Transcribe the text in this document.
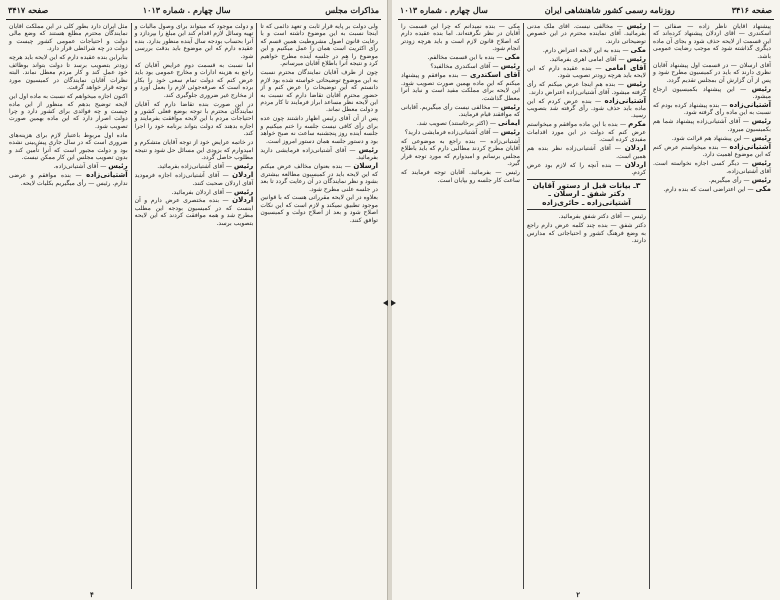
مذاکرات مجلس
سال چهارم . شماره ۱۰۱۳
صفحه ۳۴۱۷

ولی دولت بر پایه قرار ثابت و تعهد دائمی که تا اینجا نسبت به این موضوع داشته است و با رعایت قانون اصول مشروطیت همین قسم که رأی اکثریت است همان را عمل میکنیم و این موضوع را هم در جلسه آینده مطرح خواهیم کرد و نتیجه آنرا باطلاع آقایان میرسانم.

چون از طرف آقایان نمایندگان محترم نسبت به این موضوع توضیحاتی خواسته شده بود لازم دانستم که این توضیحات را عرض کنم و از حضور محترم آقایان تقاضا دارم که نسبت به این لایحه نظر مساعد ابراز فرمایند تا کار مردم و دولت معطل نماند.

پس از آن آقای رئیس اظهار داشتند چون عده برای رأی کافی نیست جلسه را ختم میکنیم و جلسه آینده روز پنجشنبه ساعت نه صبح خواهد بود و دستور جلسه همان دستور امروز است.

رئیس — آقای آشتیانی‌زاده فرمایشی دارید بفرمائید.

ارسلان — بنده بعنوان مخالف عرض میکنم که این لایحه باید در کمیسیون مطالعه بیشتری بشود و نظر نمایندگان در آن رعایت گردد تا بعد در جلسه علنی مطرح شود.

بعلاوه در این لایحه مقرراتی هست که با قوانین موجود تطبیق نمیکند و لازم است که این نکات اصلاح شود و بعد از اصلاح دولت و کمیسیون توافق کنند.

و دولت موجود که میتواند برای وصول مالیات و تهیه وسائل لازم اقدام کند این مبلغ را بپردازد و آنرا بحساب بودجه سال آینده منظور بدارد. بنده عقیده دارم که این موضوع باید بدقت بررسی شود.

اما نسبت به قسمت دوم عرایض آقایان که راجع به هزینه ادارات و مخارج عمومی بود باید عرض کنم که دولت تمام سعی خود را بکار برده است که صرفه‌جوئی لازم را بعمل آورد و از مخارج غیر ضروری جلوگیری کند.

در این صورت بنده تقاضا دارم که آقایان نمایندگان محترم با توجه بوضع فعلی کشور و احتیاجات مردم با این لایحه موافقت بفرمایند و اجازه بدهند که دولت بتواند برنامه خود را اجرا کند.

در خاتمه عرایض خود از توجه آقایان متشکرم و امیدوارم که بزودی این مسائل حل شود و نتیجه مطلوب حاصل گردد.

رئیس — آقای آشتیانی‌زاده بفرمائید.

اردلان — آقای آشتیانی‌زاده اجازه فرمودید آقای اردلان صحبت کنند.

رئیس — آقای اردلان بفرمائید.

اردلان — بنده مختصری عرض دارم و آن اینست که در کمیسیون بودجه این مطلب مطرح شد و همه موافقت کردند که این لایحه بتصویب برسد.

مثل ایران دارد بطور کلی در این مملکت آقایان نمایندگان محترم مطلع هستند که وضع مالی دولت و احتیاجات عمومی کشور چیست و دولت در چه شرائطی قرار دارد.

بنابراین بنده عقیده دارم که این لایحه باید هرچه زودتر بتصویب برسد تا دولت بتواند بوظائف خود عمل کند و کار مردم معطل نماند. البته نظرات آقایان نمایندگان در کمیسیون مورد توجه قرار خواهد گرفت.

اکنون اجازه میخواهم که نسبت به ماده اول این لایحه توضیح بدهم که منظور از این ماده چیست و چه فوائدی برای کشور دارد و چرا دولت اصرار دارد که این ماده بهمین صورت تصویب شود.

ماده اول مربوط باعتبار لازم برای هزینه‌های ضروری است که در سال جاری پیش‌بینی نشده بود و دولت مجبور است که آنرا تأمین کند و بدون تصویب مجلس این کار ممکن نیست.

رئیس — آقای آشتیانی‌زاده.

آشتیانی‌زاده — بنده موافقم و عرضی ندارم. رئیس — رأی میگیریم بکلیات لایحه.

۴
صفحه ۳۴۱۶
روزنامه رسمی کشور شاهنشاهی ایران
سال چهارم . شماره ۱۰۱۳

پیشنهاد آقایان ناظر زاده — صفائی — اسکندری — آقای اردلان پیشنهاد کرده‌اند که این قسمت از لایحه حذف شود و بجای آن ماده دیگری گذاشته شود که موجب رضایت عمومی باشد.

آقای ارسلان — در قسمت اول پیشنهاد آقایان نظری دارند که باید در کمیسیون مطرح شود و پس از آن گزارش آن بمجلس تقدیم گردد.

رئیس — این پیشنهاد بکمیسیون ارجاع میشود.

آشتیانی‌زاده — بنده پیشنهاد کرده بودم که نسبت به این ماده رأی گرفته شود.

رئیس — آقای آشتیانی‌زاده پیشنهاد شما هم بکمیسیون میرود.

رئیس — این پیشنهاد هم قرائت شود.

آشتیانی‌زاده — بنده میخواستم عرض کنم که این موضوع اهمیت دارد.

رئیس — دیگر کسی اجازه نخواسته است. آقای آشتیانی‌زاده.

رئیس — رأی میگیریم.

مکی — این اعتراضی است که بنده دارم.

رئیس — مخالفی نیست. آقای ملک مدنی بفرمائید. آقای نماینده محترم در این خصوص توضیحاتی دارند.

مکی — بنده به این لایحه اعتراض دارم.

رئیس — آقای امامی اهری بفرمائید.

آقای امامی — بنده عقیده دارم که این لایحه باید هرچه زودتر تصویب شود.

رئیس — بنده هم اینجا عرض میکنم که رأی گرفته میشود. آقای آشتیانی‌زاده اعتراض دارند.

آشتیانی‌زاده — بنده عرض کردم که این ماده باید حذف شود. رأی گرفته شد بتصویب رسید.

مکرم — بنده با این ماده موافقم و میخواستم عرض کنم که دولت در این مورد اقدامات مفیدی کرده است.

اردلان — آقای آشتیانی‌زاده نظر بنده هم همین است.

اردلان — بنده آنچه را که لازم بود عرض کردم.

۳ـ بیانات قبل از دستور آقایان دکتر شفق ـ ارسلان ـ آشتیانی‌زاده ـ حائری‌زاده

رئیس — آقای دکتر شفق بفرمائید.

دکتر شفق — بنده چند کلمه عرض دارم راجع به وضع فرهنگ کشور و احتیاجاتی که مدارس دارند.

مکی — بنده نمیدانم که چرا این قسمت را آقایان در نظر نگرفته‌اند. اما بنده عقیده دارم که اصلاح قانون لازم است و باید هرچه زودتر انجام شود.

مکی — بنده با این قسمت مخالفم.

رئیس — آقای اسکندری مخالفید؟

آقای اسکندری — بنده موافقم و پیشنهاد میکنم که این ماده بهمین صورت تصویب شود. این لایحه برای مملکت مفید است و نباید آنرا معطل گذاشت.

رئیس — مخالفی نیست رأی میگیریم. آقایانی که موافقند قیام فرمایند.

ایمانی — (اکثر برخاستند) تصویب شد.

رئیس — آقای آشتیانی‌زاده فرمایشی دارید؟

آشتیانی‌زاده — بنده راجع به موضوعی که آقایان مطرح کردند مطالبی دارم که باید باطلاع مجلس برسانم و امیدوارم که مورد توجه قرار گیرد.

رئیس — بفرمائید. آقایان توجه فرمایند که ساعت کار جلسه رو بپایان است.

۲
